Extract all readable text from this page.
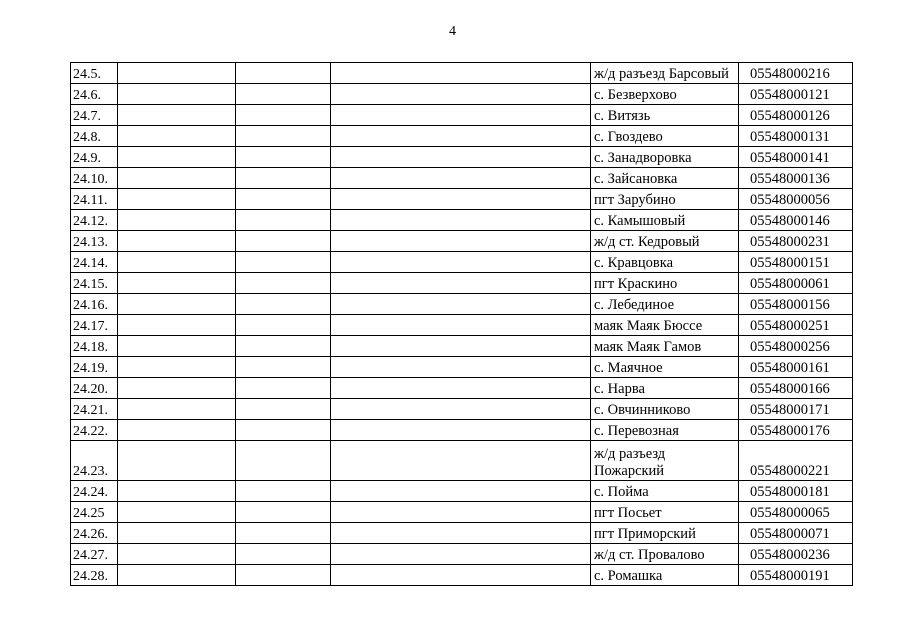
4
24.5.				ж/д разъезд Барсовый	05548000216
24.6.				с. Безверхово	05548000121
24.7.				с. Витязь	05548000126
24.8.				с. Гвоздево	05548000131
24.9.				с. Занадворовка	05548000141
24.10.				с. Зайсановка	05548000136
24.11.				пгт Зарубино	05548000056
24.12.				с. Камышовый	05548000146
24.13.				ж/д ст. Кедровый	05548000231
24.14.				с. Кравцовка	05548000151
24.15.				пгт Краскино	05548000061
24.16.				с. Лебединое	05548000156
24.17.				маяк Маяк Бюссе	05548000251
24.18.				маяк Маяк Гамов	05548000256
24.19.				с. Маячное	05548000161
24.20.				с. Нарва	05548000166
24.21.				с. Овчинниково	05548000171
24.22.				с. Перевозная	05548000176
24.23.				ж/д разъезд Пожарский	05548000221
24.24.				с. Пойма	05548000181
24.25				пгт Посьет	05548000065
24.26.				пгт Приморский	05548000071
24.27.				ж/д ст. Провалово	05548000236
24.28.				с. Ромашка	05548000191
